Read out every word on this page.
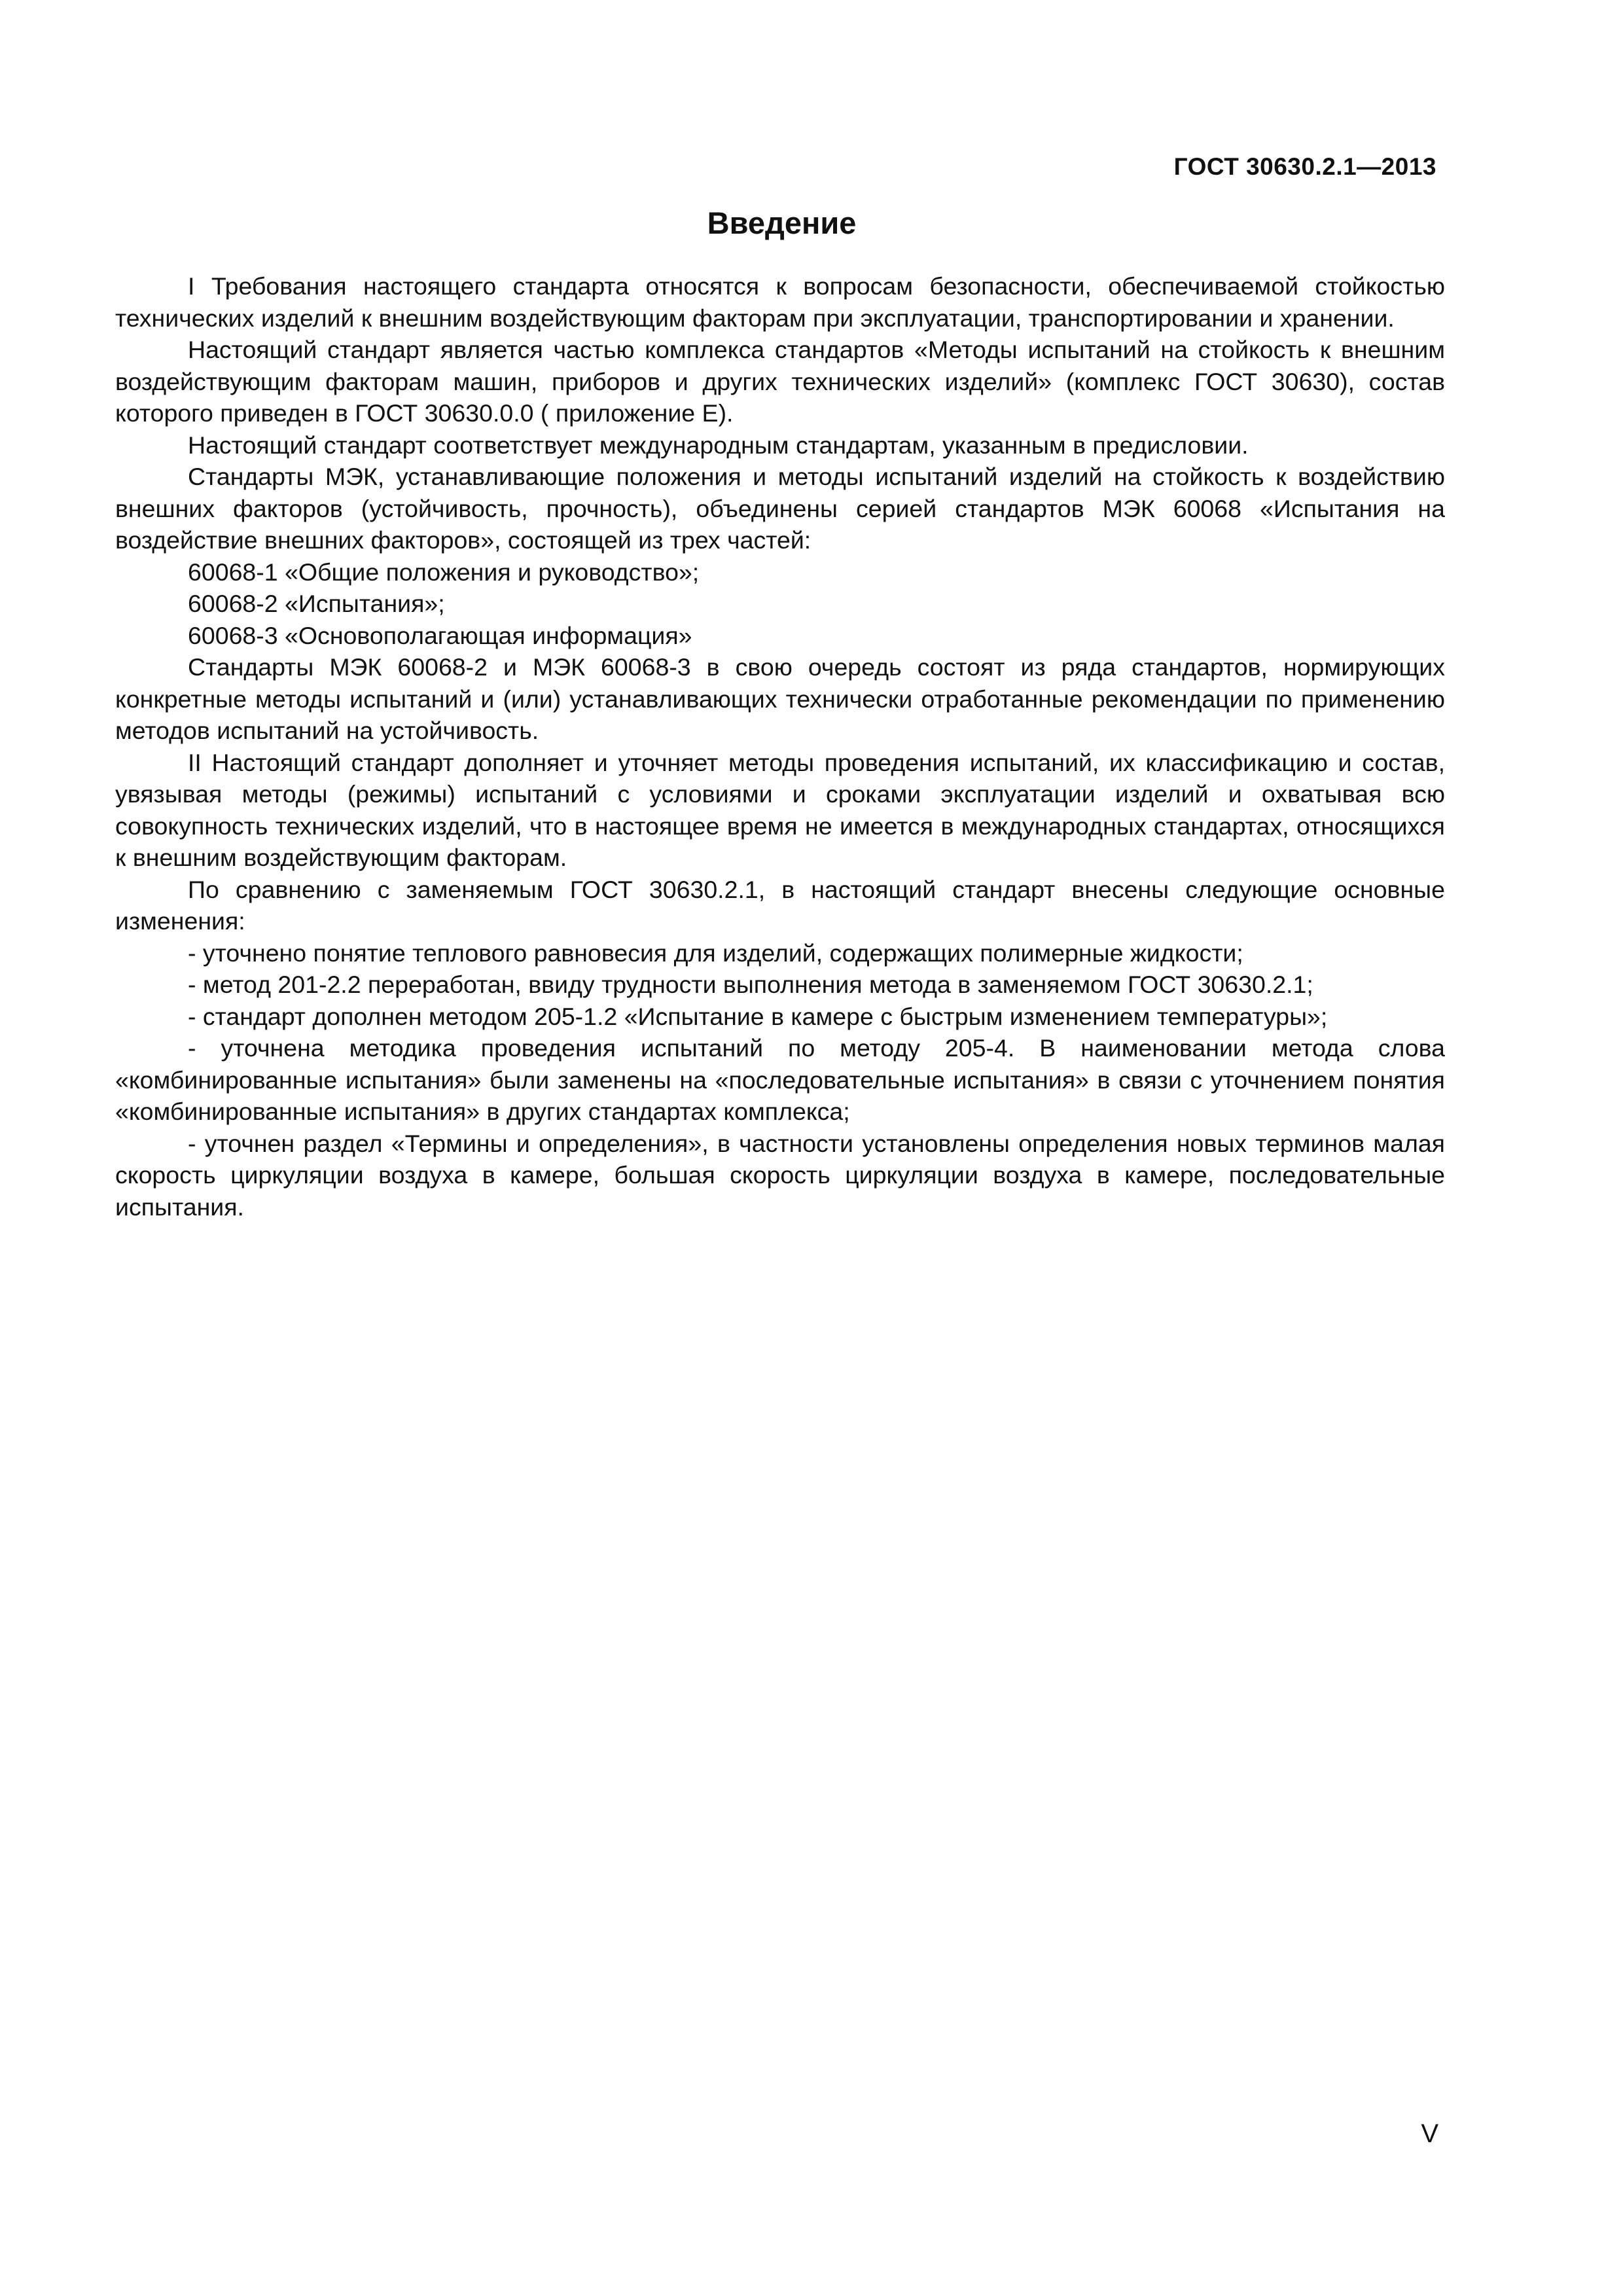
ГОСТ 30630.2.1—2013
Введение

I Требования настоящего стандарта относятся к вопросам безопасности, обеспечиваемой стойкостью технических изделий к внешним воздействующим факторам при эксплуатации, транспортировании и хранении.

Настоящий стандарт является частью комплекса стандартов «Методы испытаний на стойкость к внешним воздействующим факторам машин, приборов и других технических изделий» (комплекс ГОСТ 30630), состав которого приведен в ГОСТ 30630.0.0 ( приложение Е).

Настоящий стандарт соответствует международным стандартам, указанным в предисловии.

Стандарты МЭК, устанавливающие положения и методы испытаний изделий на стойкость к воздействию внешних факторов (устойчивость, прочность), объединены серией стандартов МЭК 60068 «Испытания на воздействие внешних факторов», состоящей из трех частей:

60068-1 «Общие положения и руководство»;

60068-2 «Испытания»;

60068-3 «Основополагающая информация»

Стандарты МЭК 60068-2 и МЭК 60068-3 в свою очередь состоят из ряда стандартов, нормирующих конкретные методы испытаний и (или) устанавливающих технически отработанные рекомендации по применению методов испытаний на устойчивость.

II Настоящий стандарт дополняет и уточняет методы проведения испытаний, их классификацию и состав, увязывая методы (режимы) испытаний с условиями и сроками эксплуатации изделий и охватывая всю совокупность технических изделий, что в настоящее время не имеется в международных стандартах, относящихся к внешним воздействующим факторам.

По сравнению с заменяемым ГОСТ 30630.2.1, в настоящий стандарт внесены следующие основные изменения:

- уточнено понятие теплового равновесия для изделий, содержащих полимерные жидкости;

- метод 201-2.2 переработан, ввиду трудности выполнения метода в заменяемом ГОСТ 30630.2.1;

- стандарт дополнен методом 205-1.2 «Испытание в камере с быстрым изменением температуры»;

- уточнена методика проведения испытаний по методу 205-4. В наименовании метода слова «комбинированные испытания» были заменены на «последовательные испытания» в связи с уточнением понятия «комбинированные испытания» в других стандартах комплекса;

- уточнен раздел «Термины и определения», в частности установлены определения новых терминов малая скорость циркуляции воздуха в камере, большая скорость циркуляции воздуха в камере, последовательные испытания.

V
